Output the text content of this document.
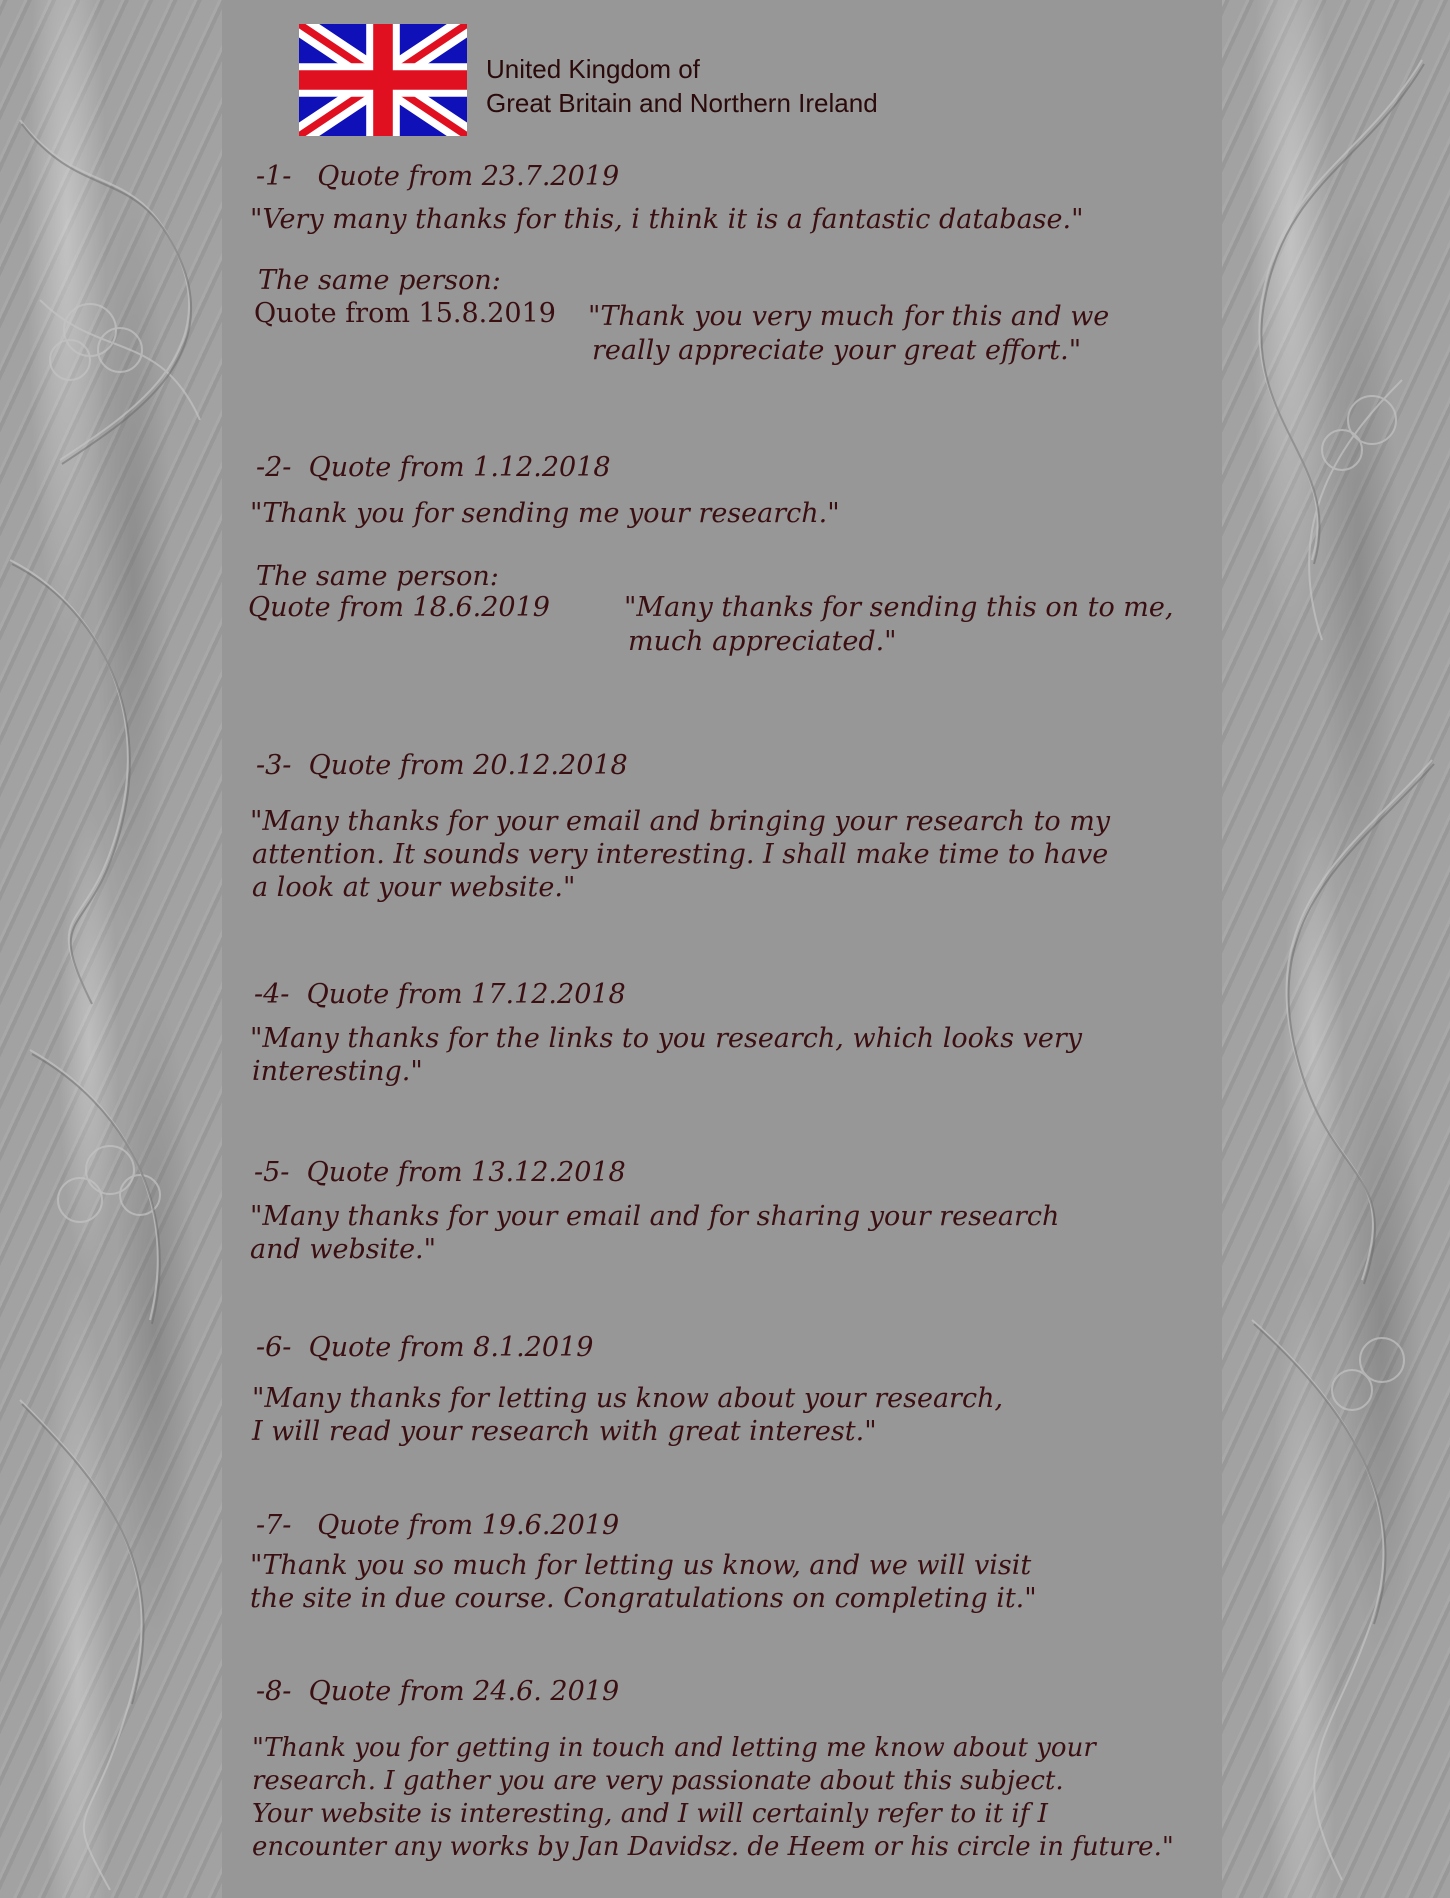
United Kingdom of
Great Britain and Northern Ireland
-1- Quote from 23.7.2019
"Very many thanks for this, i think it is a fantastic database."
The same person:
Quote from 15.8.2019 "Thank you very much for this and we
really appreciate your great effort."
-2- Quote from 1.12.2018
"Thank you for sending me your research."
The same person:
Quote from 18.6.2019	"Many thanks for sending this on to me,
much appreciated."
-3- Quote from 20.12.2018
"Many thanks for your email and bringing your research to my
attention. It sounds very interesting. I shall make time to have
a look at your website."
-4- Quote from 17.12.2018
"Many thanks for the links to you research, which looks very
interesting."
-5- Quote from 13.12.2018
"Many thanks for your email and for sharing your research
and website."
-6- Quote from 8.1.2019
"Many thanks for letting us know about your research,
I will read your research with great interest."
-7- Quote from 19.6.2019
"Thank you so much for letting us know, and we will visit
the site in due course. Congratulations on completing it."
-8- Quote from 24.6. 2019
"Thank you for getting in touch and letting me know about your
research. I gather you are very passionate about this subject.
Your website is interesting, and I will certainly refer to it if I
encounter any works by Jan Davidsz. de Heem or his circle in future."
